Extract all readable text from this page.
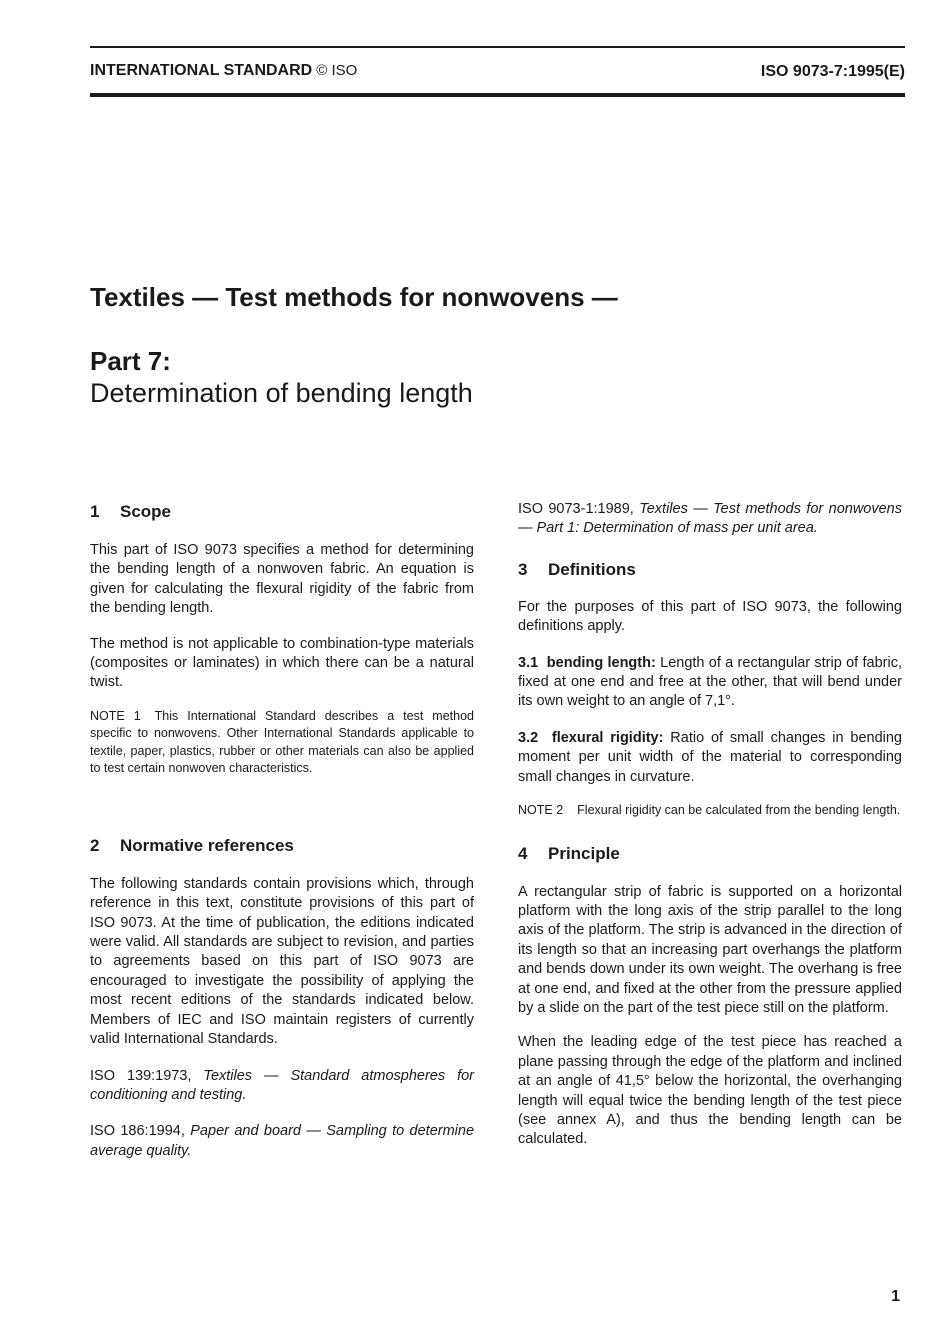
INTERNATIONAL STANDARD © ISO	ISO 9073-7:1995(E)
Textiles — Test methods for nonwovens —
Part 7:
Determination of bending length
1 Scope

This part of ISO 9073 specifies a method for determining the bending length of a nonwoven fabric. An equation is given for calculating the flexural rigidity of the fabric from the bending length.

The method is not applicable to combination-type materials (composites or laminates) in which there can be a natural twist.

NOTE 1 This International Standard describes a test method specific to nonwovens. Other International Standards applicable to textile, paper, plastics, rubber or other materials can also be applied to test certain nonwoven characteristics.

2 Normative references

The following standards contain provisions which, through reference in this text, constitute provisions of this part of ISO 9073. At the time of publication, the editions indicated were valid. All standards are subject to revision, and parties to agreements based on this part of ISO 9073 are encouraged to investigate the possibility of applying the most recent editions of the standards indicated below. Members of IEC and ISO maintain registers of currently valid International Standards.

ISO 139:1973, Textiles — Standard atmospheres for conditioning and testing.

ISO 186:1994, Paper and board — Sampling to determine average quality.

ISO 9073-1:1989, Textiles — Test methods for nonwovens — Part 1: Determination of mass per unit area.

3 Definitions

For the purposes of this part of ISO 9073, the following definitions apply.

3.1 bending length: Length of a rectangular strip of fabric, fixed at one end and free at the other, that will bend under its own weight to an angle of 7,1°.

3.2 flexural rigidity: Ratio of small changes in bending moment per unit width of the material to corresponding small changes in curvature.

NOTE 2 Flexural rigidity can be calculated from the bending length.

4 Principle

A rectangular strip of fabric is supported on a horizontal platform with the long axis of the strip parallel to the long axis of the platform. The strip is advanced in the direction of its length so that an increasing part overhangs the platform and bends down under its own weight. The overhang is free at one end, and fixed at the other from the pressure applied by a slide on the part of the test piece still on the platform.

When the leading edge of the test piece has reached a plane passing through the edge of the platform and inclined at an angle of 41,5° below the horizontal, the overhanging length will equal twice the bending length of the test piece (see annex A), and thus the bending length can be calculated.

1
